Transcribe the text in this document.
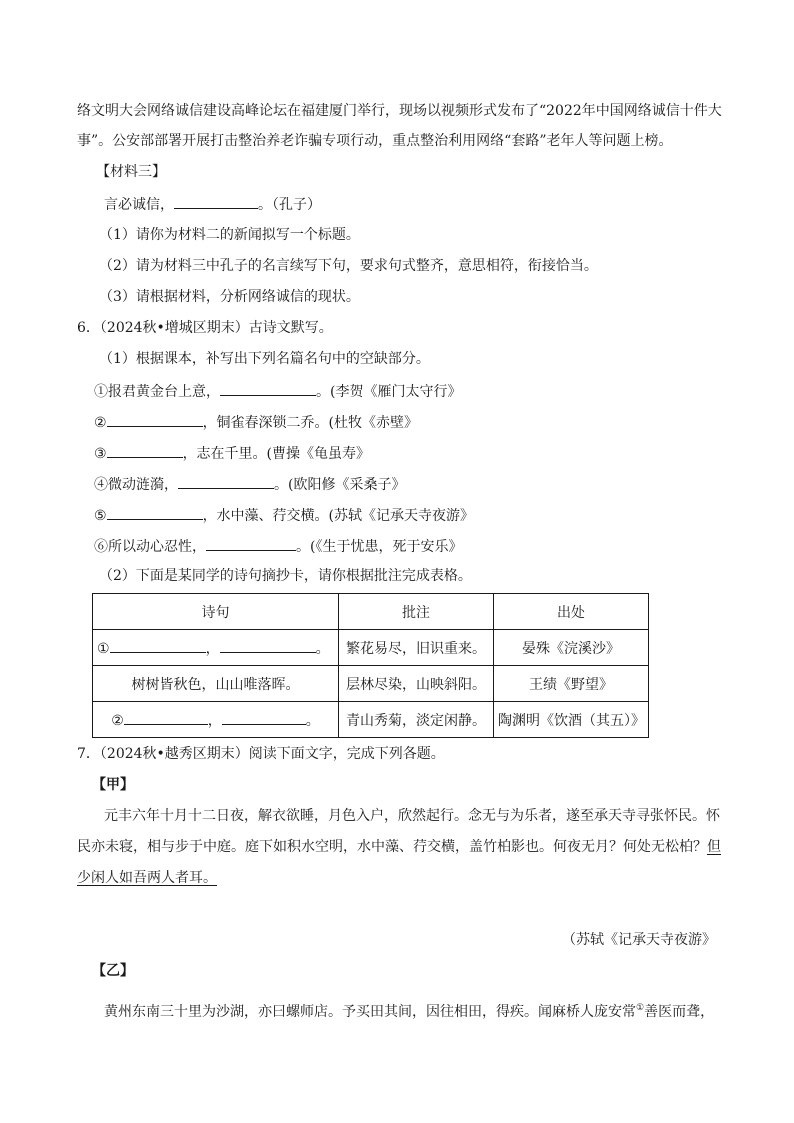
络文明大会网络诚信建设高峰论坛在福建厦门举行，现场以视频形式发布了“2022年中国网络诚信十件大
事”。公安部部署开展打击整治养老诈骗专项行动，重点整治利用网络“套路”老年人等问题上榜。
【材料三】
言必诚信，	。（孔子）
（1）请你为材料二的新闻拟写一个标题。
（2）请为材料三中孔子的名言续写下句，要求句式整齐，意思相符，衔接恰当。
（3）请根据材料，分析网络诚信的现状。
6．（2024秋•增城区期末）古诗文默写。
（1）根据课本，补写出下列名篇名句中的空缺部分。
①报君黄金台上意，	。(李贺《雁门太守行》
②	，铜雀春深锁二乔。(杜牧《赤壁》
③	，志在千里。(曹操《龟虽寿》
④微动涟漪，	。(欧阳修《采桑子》
⑤	，水中藻、荇交横。(苏轼《记承天寺夜游》
⑥所以动心忍性，	。(《生于忧患，死于安乐》
（2）下面是某同学的诗句摘抄卡，请你根据批注完成表格。
诗句	批注	出处
① ， 。	繁花易尽，旧识重来。	晏殊《浣溪沙》
树树皆秋色，山山唯落晖。	层林尽染，山映斜阳。	王绩《野望》
② ， 。	青山秀菊，淡定闲静。	陶渊明《饮酒（其五）》
7．（2024秋•越秀区期末）阅读下面文字，完成下列各题。
【甲】
元丰六年十月十二日夜，解衣欲睡，月色入户，欣然起行。念无与为乐者，遂至承天寺寻张怀民。怀
民亦未寝，相与步于中庭。庭下如积水空明，水中藻、荇交横，盖竹柏影也。何夜无月？何处无松柏？但
少闲人如吾两人者耳。
（苏轼《记承天寺夜游》
【乙】
黄州东南三十里为沙湖，亦曰螺师店。予买田其间，因往相田，得疾。闻麻桥人庞安常①善医而聋，
